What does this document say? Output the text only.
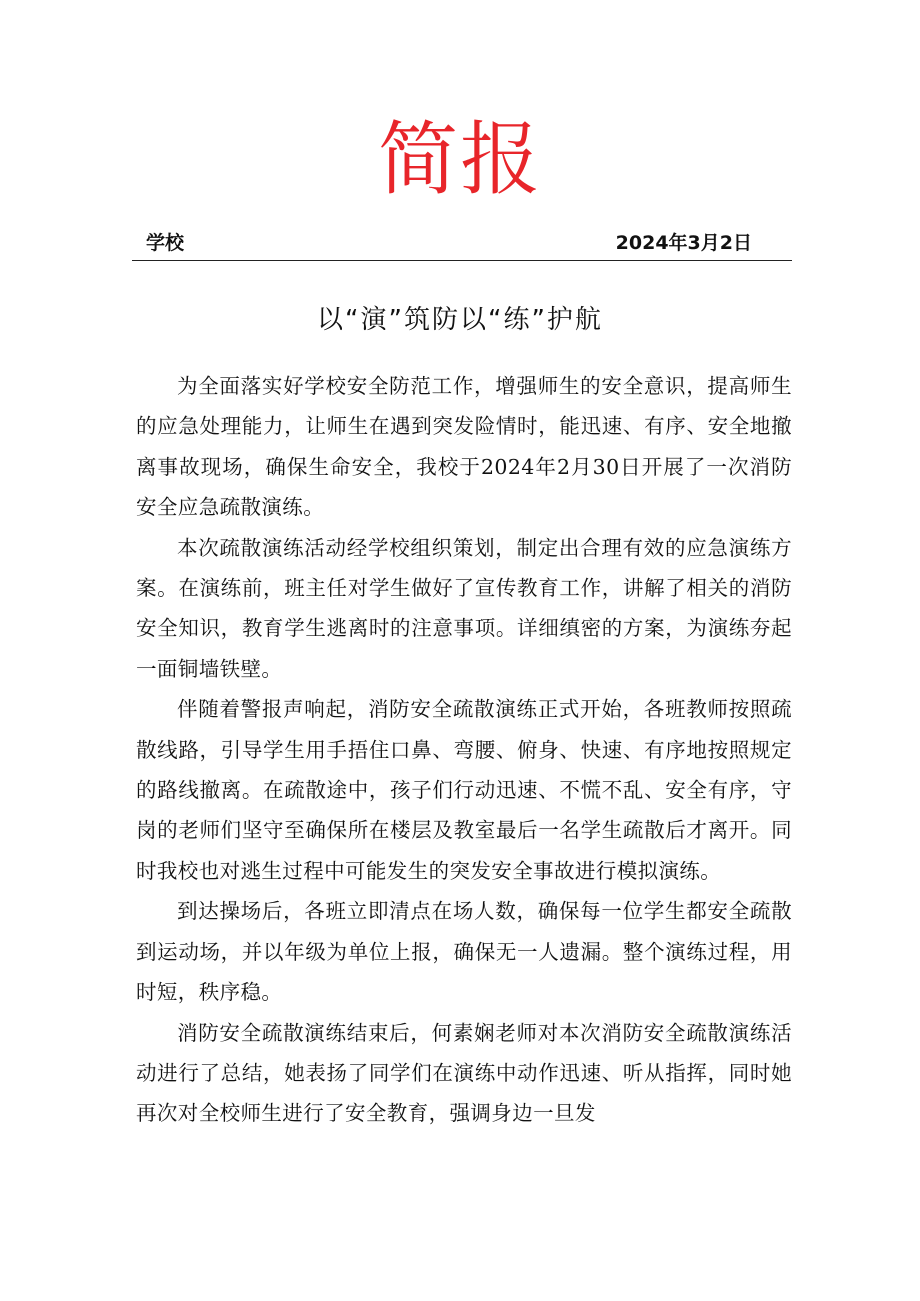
简报
学校	2024年3月2日
以“演”筑防以“练”护航

为全面落实好学校安全防范工作，增强师生的安全意识，提高师生的应急处理能力，让师生在遇到突发险情时，能迅速、有序、安全地撤离事故现场，确保生命安全，我校于2024年2月30日开展了一次消防安全应急疏散演练。

本次疏散演练活动经学校组织策划，制定出合理有效的应急演练方案。在演练前，班主任对学生做好了宣传教育工作，讲解了相关的消防安全知识，教育学生逃离时的注意事项。详细缜密的方案，为演练夯起一面铜墙铁壁。

伴随着警报声响起，消防安全疏散演练正式开始，各班教师按照疏散线路，引导学生用手捂住口鼻、弯腰、俯身、快速、有序地按照规定的路线撤离。在疏散途中，孩子们行动迅速、不慌不乱、安全有序，守岗的老师们坚守至确保所在楼层及教室最后一名学生疏散后才离开。同时我校也对逃生过程中可能发生的突发安全事故进行模拟演练。

到达操场后，各班立即清点在场人数，确保每一位学生都安全疏散到运动场，并以年级为单位上报，确保无一人遗漏。整个演练过程，用时短，秩序稳。

消防安全疏散演练结束后，何素娴老师对本次消防安全疏散演练活动进行了总结，她表扬了同学们在演练中动作迅速、听从指挥，同时她再次对全校师生进行了安全教育，强调身边一旦发
